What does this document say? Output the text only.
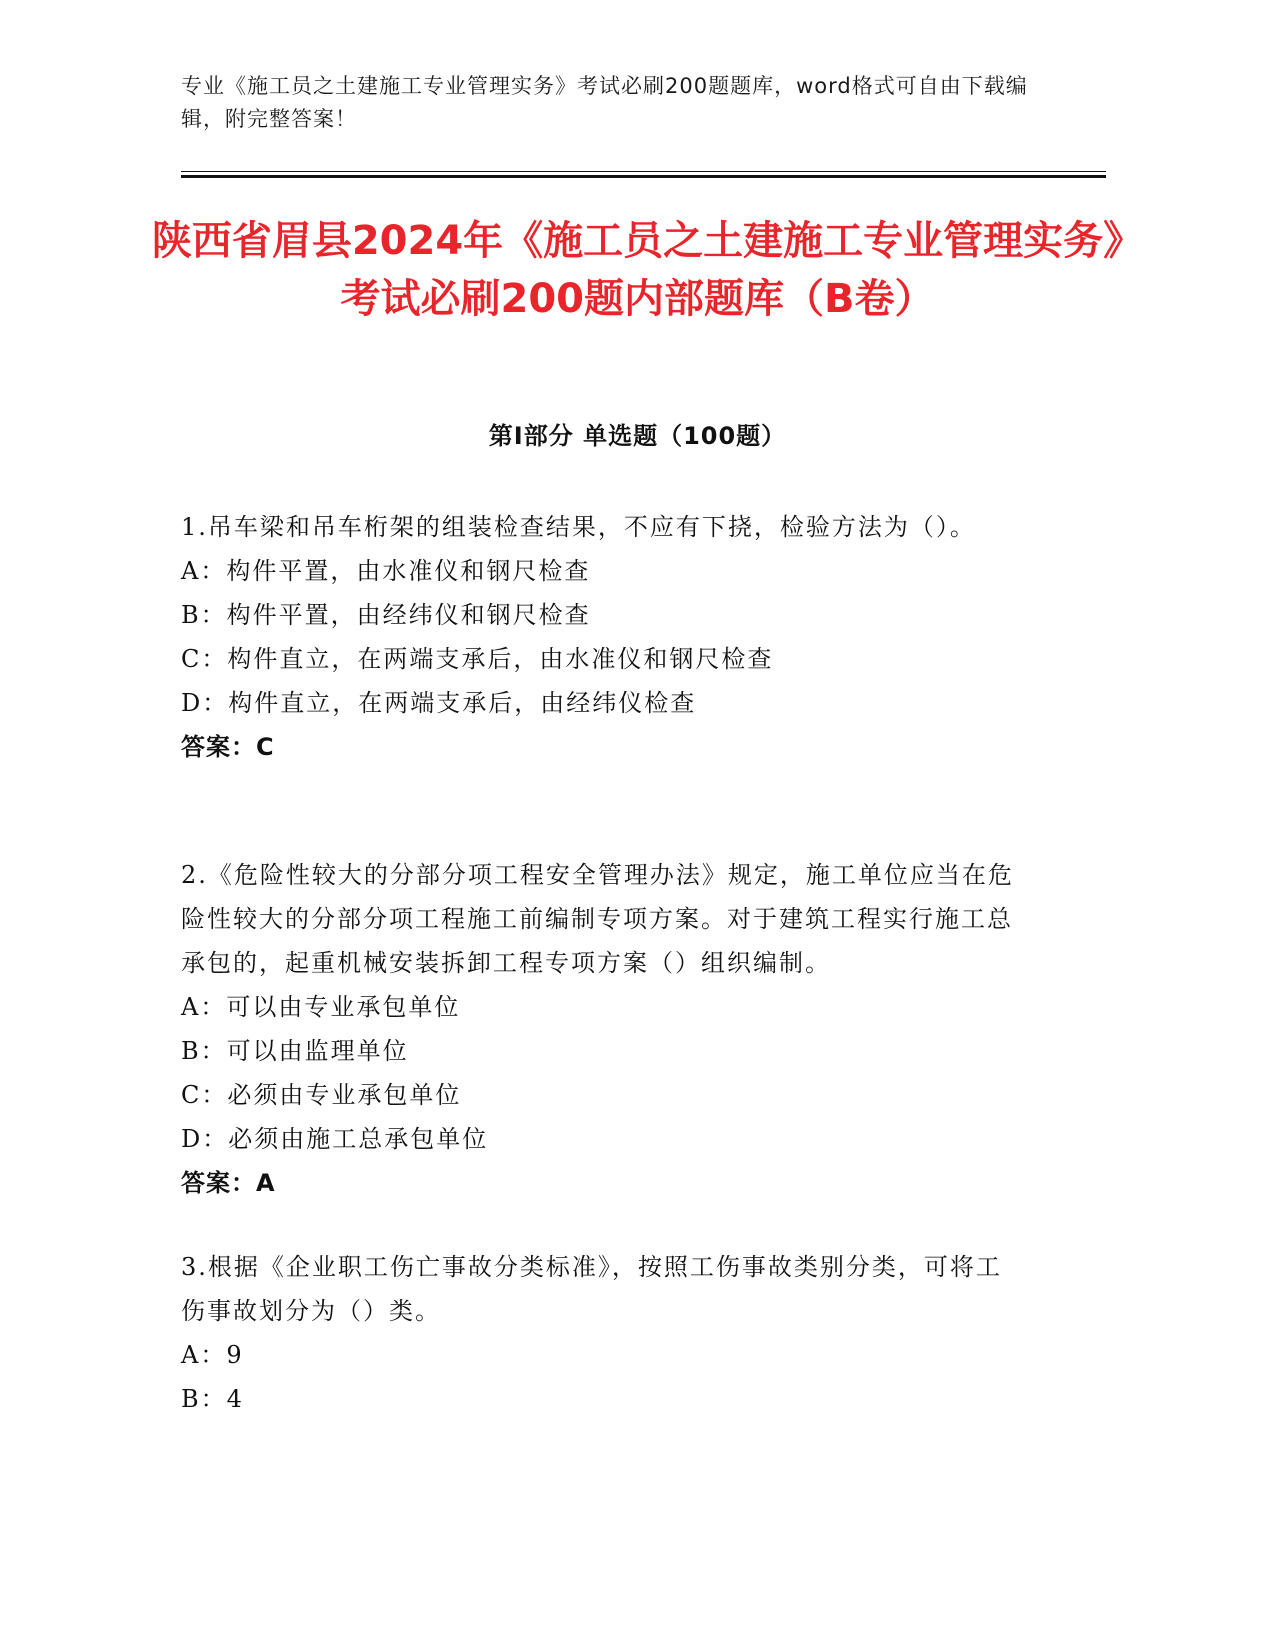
专业《施工员之土建施工专业管理实务》考试必刷200题题库，word格式可自由下载编辑，附完整答案！
陕西省眉县2024年《施工员之土建施工专业管理实务》考试必刷200题内部题库（B卷）
第Ⅰ部分 单选题（100题）

1.吊车梁和吊车桁架的组装检查结果，不应有下挠，检验方法为（）。

A：构件平置，由水准仪和钢尺检查

B：构件平置，由经纬仪和钢尺检查

C：构件直立，在两端支承后，由水准仪和钢尺检查

D：构件直立，在两端支承后，由经纬仪检查

答案：C

2.《危险性较大的分部分项工程安全管理办法》规定，施工单位应当在危险性较大的分部分项工程施工前编制专项方案。对于建筑工程实行施工总承包的，起重机械安装拆卸工程专项方案（）组织编制。

A：可以由专业承包单位

B：可以由监理单位

C：必须由专业承包单位

D：必须由施工总承包单位

答案：A

3.根据《企业职工伤亡事故分类标准》，按照工伤事故类别分类，可将工伤事故划分为（）类。

A：9

B：4
